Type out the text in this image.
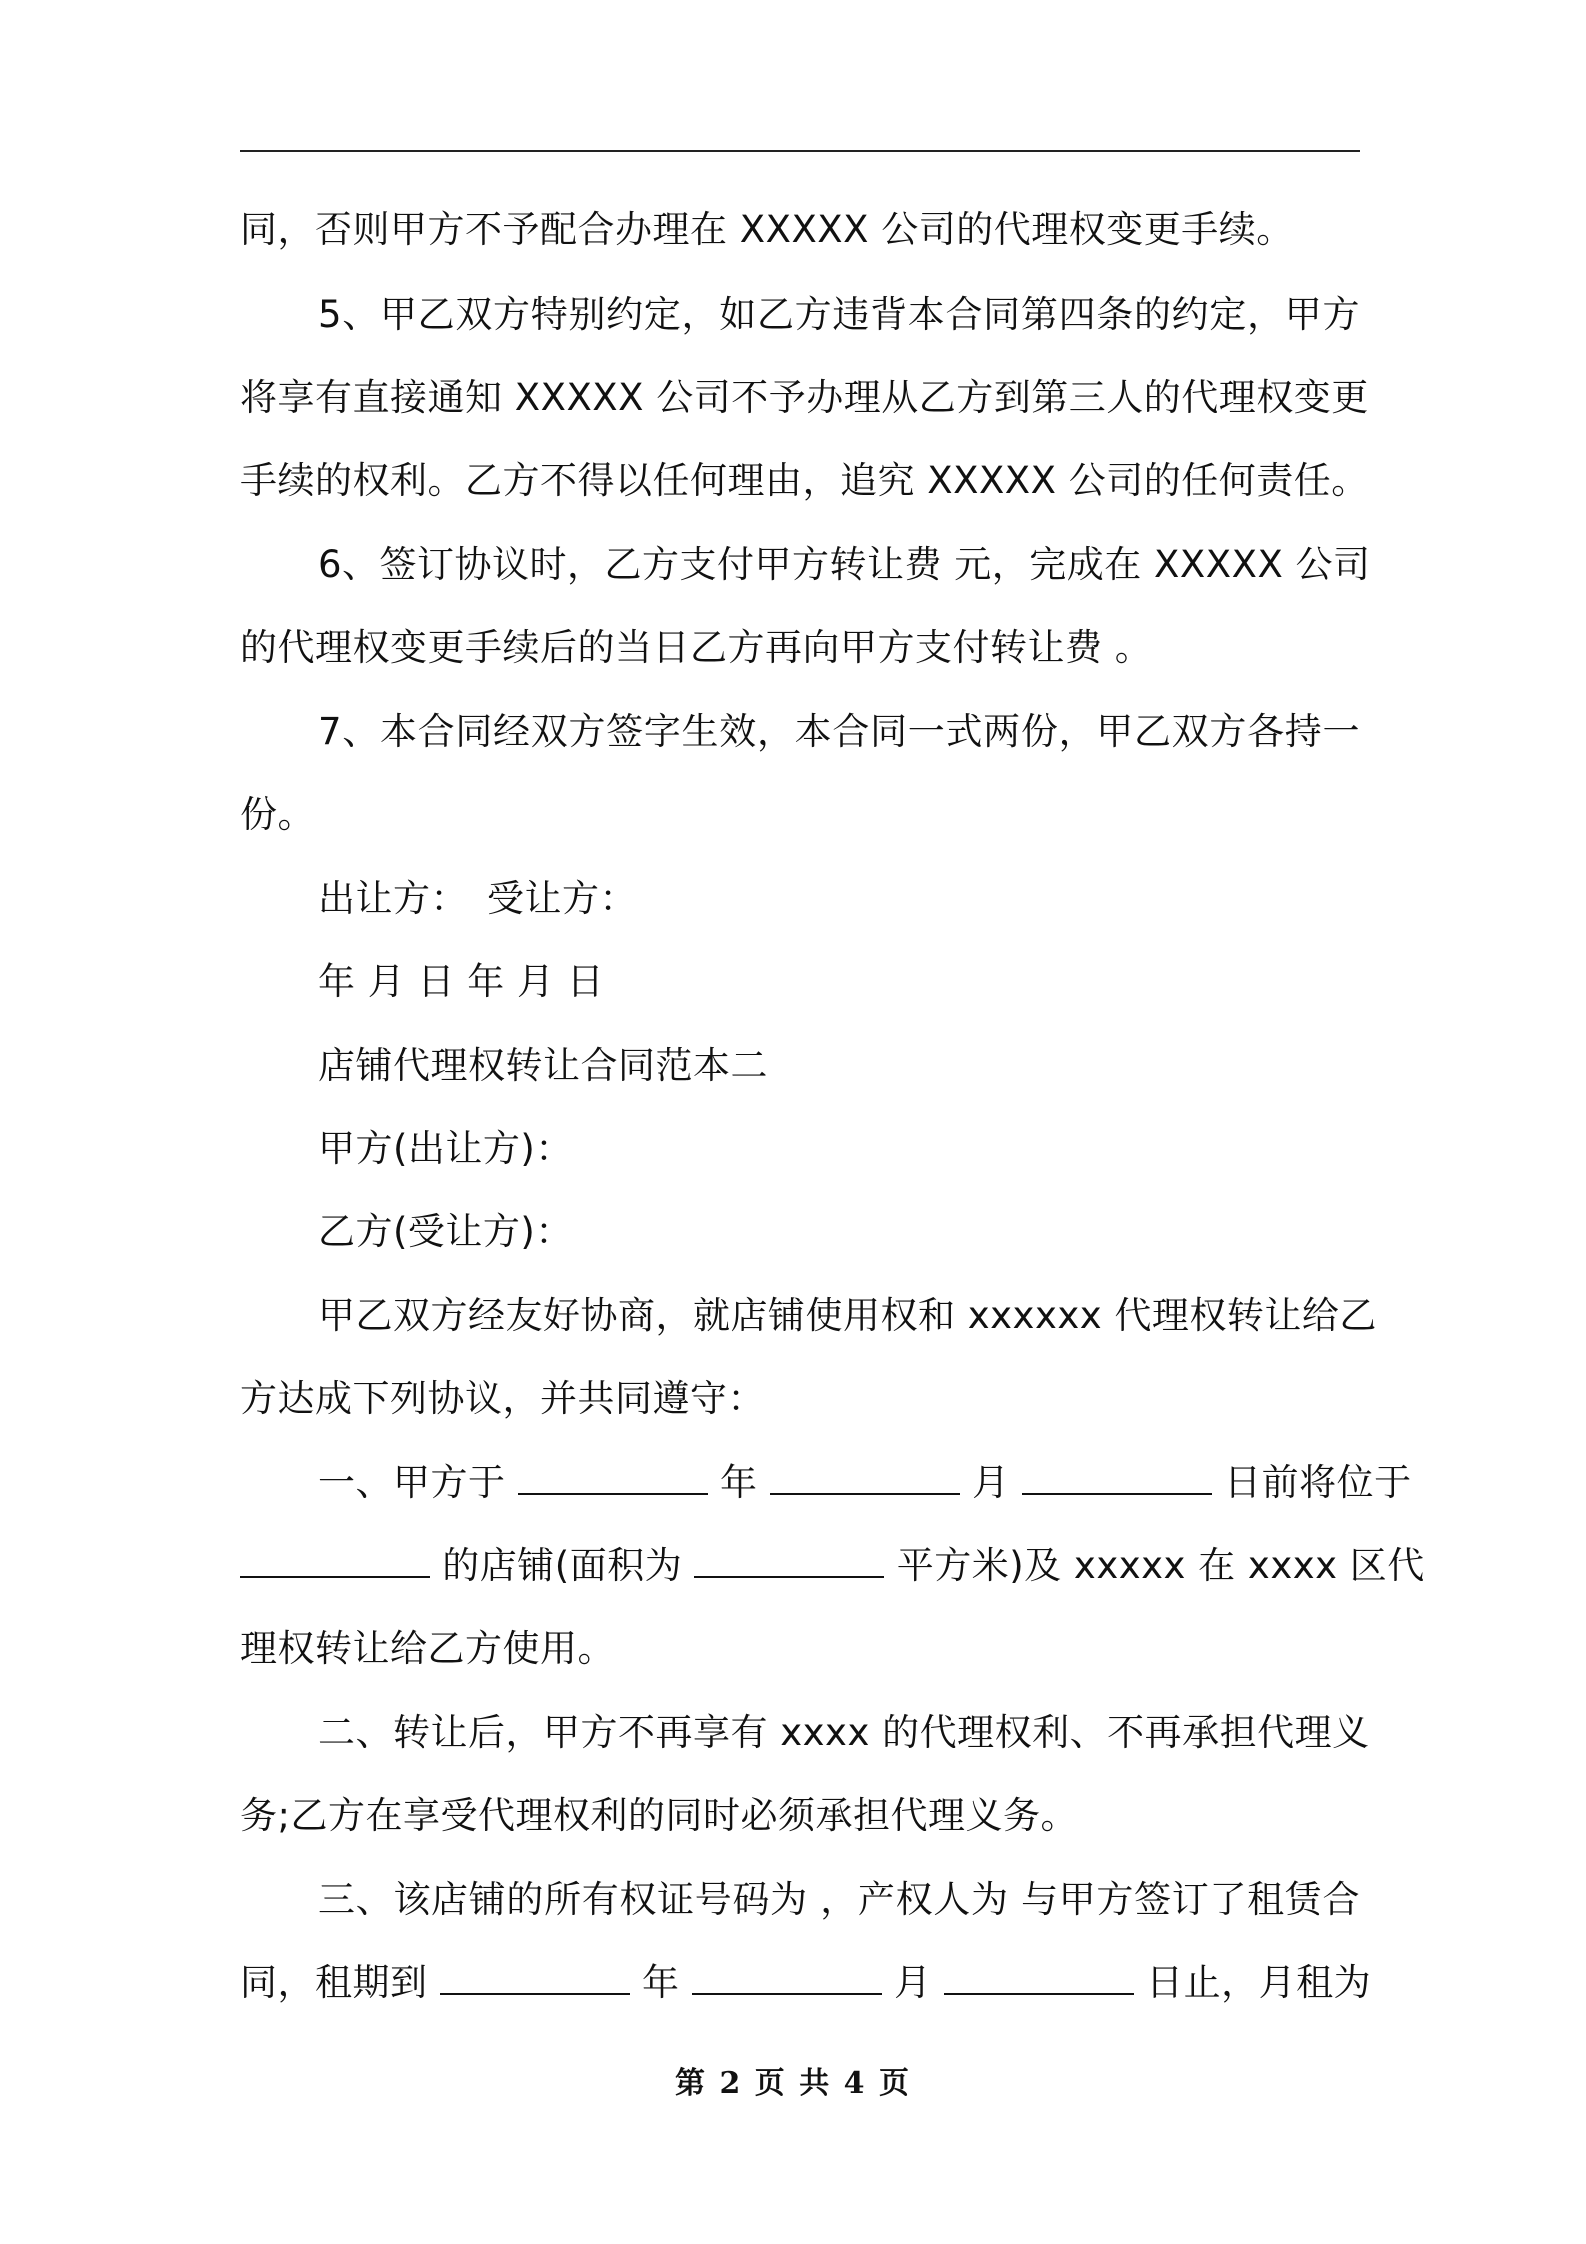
同，否则甲方不予配合办理在 XXXXX 公司的代理权变更手续。
5、甲乙双方特别约定，如乙方违背本合同第四条的约定，甲方
将享有直接通知 XXXXX 公司不予办理从乙方到第三人的代理权变更
手续的权利。乙方不得以任何理由，追究 XXXXX 公司的任何责任。
6、签订协议时，乙方支付甲方转让费 元，完成在 XXXXX 公司
的代理权变更手续后的当日乙方再向甲方支付转让费 。
7、本合同经双方签字生效，本合同一式两份，甲乙双方各持一
份。
出让方：　受让方：
年 月 日 年 月 日
店铺代理权转让合同范本二
甲方(出让方)：
乙方(受让方)：
甲乙双方经友好协商，就店铺使用权和 xxxxxx 代理权转让给乙
方达成下列协议，并共同遵守：
一、甲方于	年	月	日前将位于
的店铺(面积为	平方米)及 xxxxx 在 xxxx 区代
理权转让给乙方使用。
二、转让后，甲方不再享有 xxxx 的代理权利、不再承担代理义
务;乙方在享受代理权利的同时必须承担代理义务。
三、该店铺的所有权证号码为 ，产权人为 与甲方签订了租赁合
同，租期到	年	月	日止，月租为
第 2 页 共 4 页
